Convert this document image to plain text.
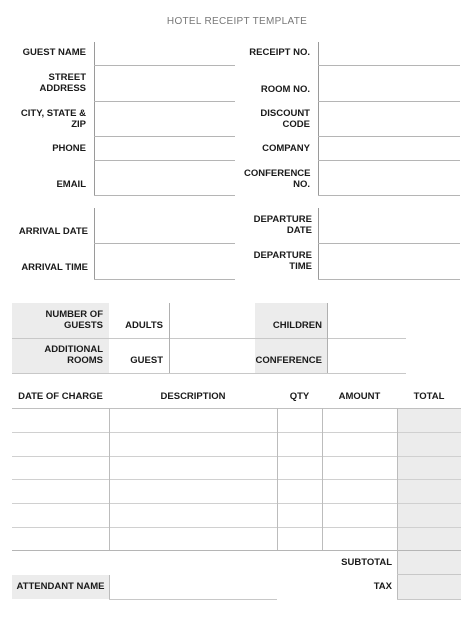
HOTEL RECEIPT TEMPLATE
GUEST NAME
STREET ADDRESS
CITY, STATE & ZIP
PHONE
EMAIL
RECEIPT NO.
ROOM NO.
DISCOUNT CODE
COMPANY
CONFERENCE NO.
ARRIVAL DATE
ARRIVAL TIME
DEPARTURE DATE
DEPARTURE TIME
NUMBER OF GUESTS	ADULTS	CHILDREN
ADDITIONAL ROOMS	GUEST	CONFERENCE
DATE OF CHARGE	DESCRIPTION	QTY	AMOUNT	TOTAL
SUBTOTAL
TAX
ATTENDANT NAME
